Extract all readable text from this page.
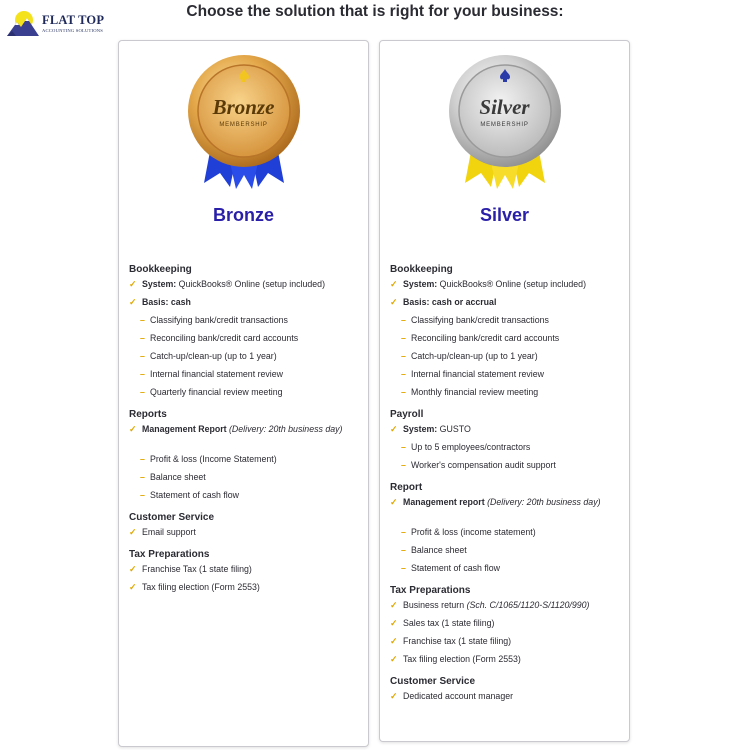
FLAT TOP
ACCOUNTING SOLUTIONS
Choose the solution that is right for your business:
Bronze
MEMBERSHIP
Bronze
Bookkeeping
✓ System: QuickBooks® Online (setup included)
✓ Basis: cash
– Classifying bank/credit transactions
– Reconciling bank/credit card accounts
– Catch-up/clean-up (up to 1 year)
– Internal financial statement review
– Quarterly financial review meeting
Reports
✓ Management Report (Delivery: 20th business day)
– Profit & loss (Income Statement)
– Balance sheet
– Statement of cash flow
Customer Service
✓ Email support
Tax Preparations
✓ Franchise Tax (1 state filing)
✓ Tax filing election (Form 2553)
Silver
MEMBERSHIP
Silver
Bookkeeping
✓ System: QuickBooks® Online (setup included)
✓ Basis: cash or accrual
– Classifying bank/credit transactions
– Reconciling bank/credit card accounts
– Catch-up/clean-up (up to 1 year)
– Internal financial statement review
– Monthly financial review meeting
Payroll
✓ System: GUSTO
– Up to 5 employees/contractors
– Worker's compensation audit support
Report
✓ Management report (Delivery: 20th business day)
– Profit & loss (income statement)
– Balance sheet
– Statement of cash flow
Tax Preparations
✓ Business return (Sch. C/1065/1120-S/1120/990)
✓ Sales tax (1 state filing)
✓ Franchise tax (1 state filing)
✓ Tax filing election (Form 2553)
Customer Service
✓ Dedicated account manager
